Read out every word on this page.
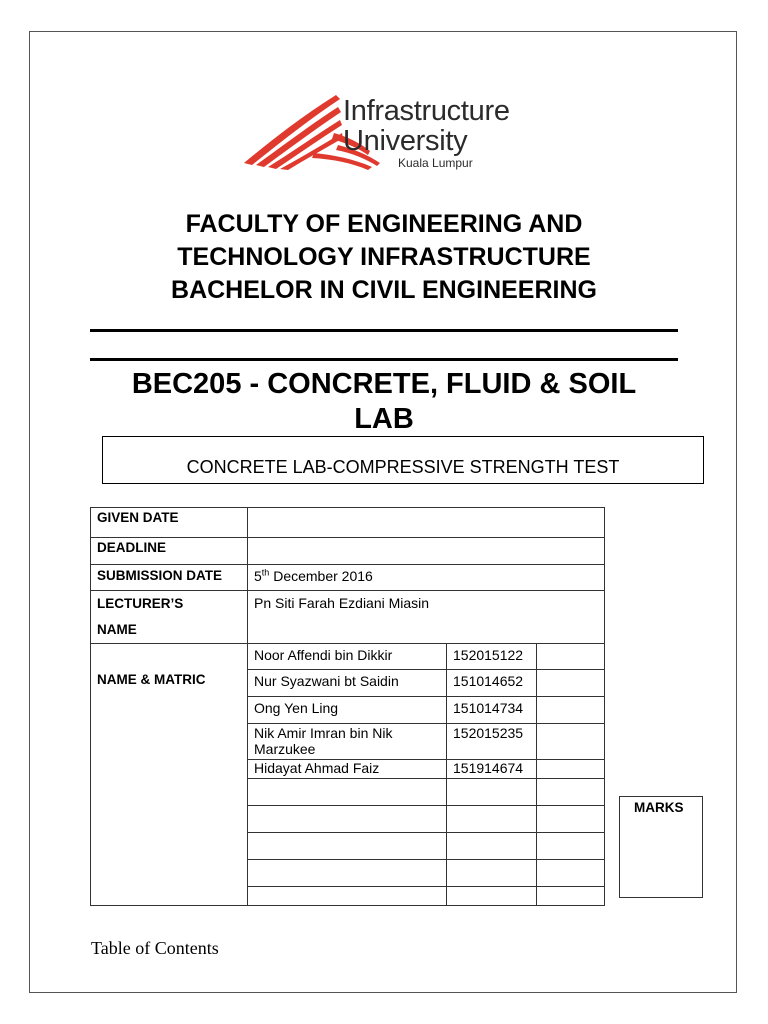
Infrastructure
University
Kuala Lumpur
FACULTY OF ENGINEERING AND
TECHNOLOGY INFRASTRUCTURE
BACHELOR IN CIVIL ENGINEERING
BEC205 - CONCRETE, FLUID & SOIL
LAB
CONCRETE LAB-COMPRESSIVE STRENGTH TEST
GIVEN DATE			
DEADLINE			
SUBMISSION DATE	5th December 2016		

LECTURER’S
NAME	Pn Siti Farah Ezdiani Miasin		
NAME & MATRIC	Noor Affendi bin Dikkir	152015122	
	Nur Syazwani bt Saidin	151014652	
	Ong Yen Ling	151014734	
	Nik Amir Imran bin Nik Marzukee	152015235	
	Hidayat Ahmad Faiz	151914674	

MARKS
Table of Contents
